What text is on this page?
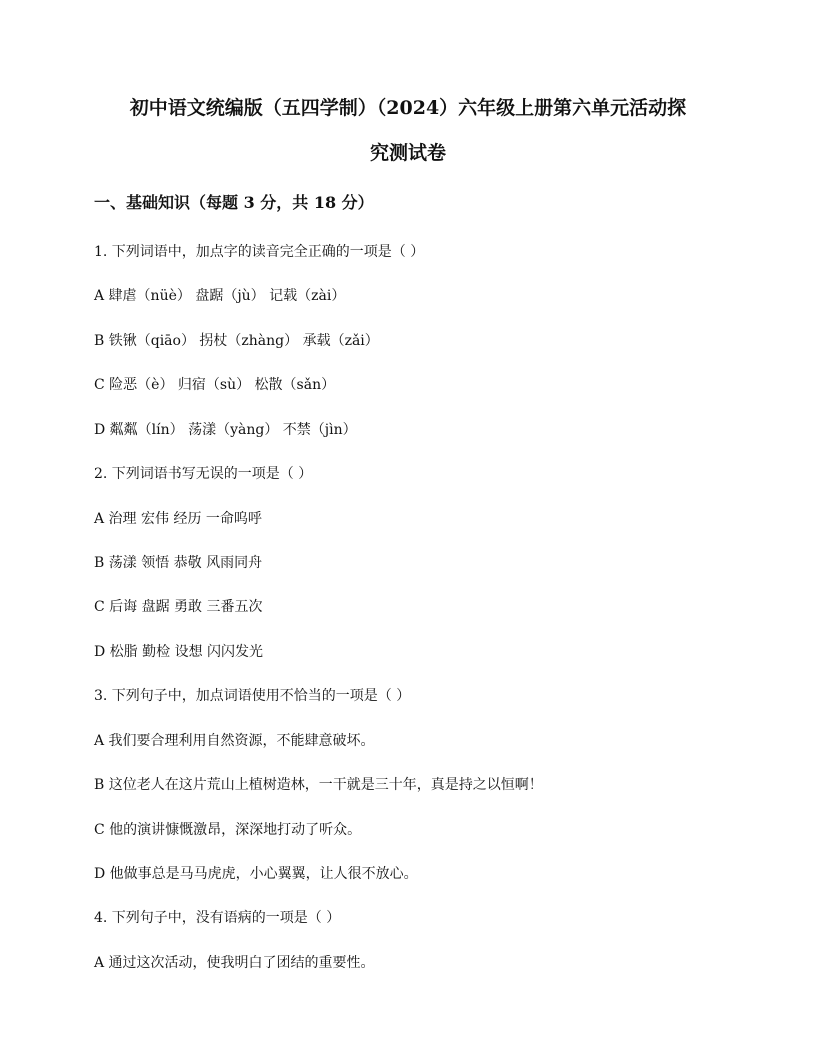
初中语文统编版（五四学制）（2024）六年级上册第六单元活动探
究测试卷
一、基础知识（每题 3 分，共 18 分）
1. 下列词语中，加点字的读音完全正确的一项是（ ）
A 肆虐（nüè） 盘踞（jù） 记载（zài）
B 铁锹（qiāo） 拐杖（zhàng） 承载（zǎi）
C 险恶（è） 归宿（sù） 松散（sǎn）
D 粼粼（lín） 荡漾（yàng） 不禁（jìn）
2. 下列词语书写无误的一项是（ ）
A 治理 宏伟 经历 一命呜呼
B 荡漾 领悟 恭敬 风雨同舟
C 后诲 盘踞 勇敢 三番五次
D 松脂 勤检 设想 闪闪发光
3. 下列句子中，加点词语使用不恰当的一项是（ ）
A 我们要合理利用自然资源，不能肆意破坏。
B 这位老人在这片荒山上植树造林，一干就是三十年，真是持之以恒啊！
C 他的演讲慷慨激昂，深深地打动了听众。
D 他做事总是马马虎虎，小心翼翼，让人很不放心。
4. 下列句子中，没有语病的一项是（ ）
A 通过这次活动，使我明白了团结的重要性。
